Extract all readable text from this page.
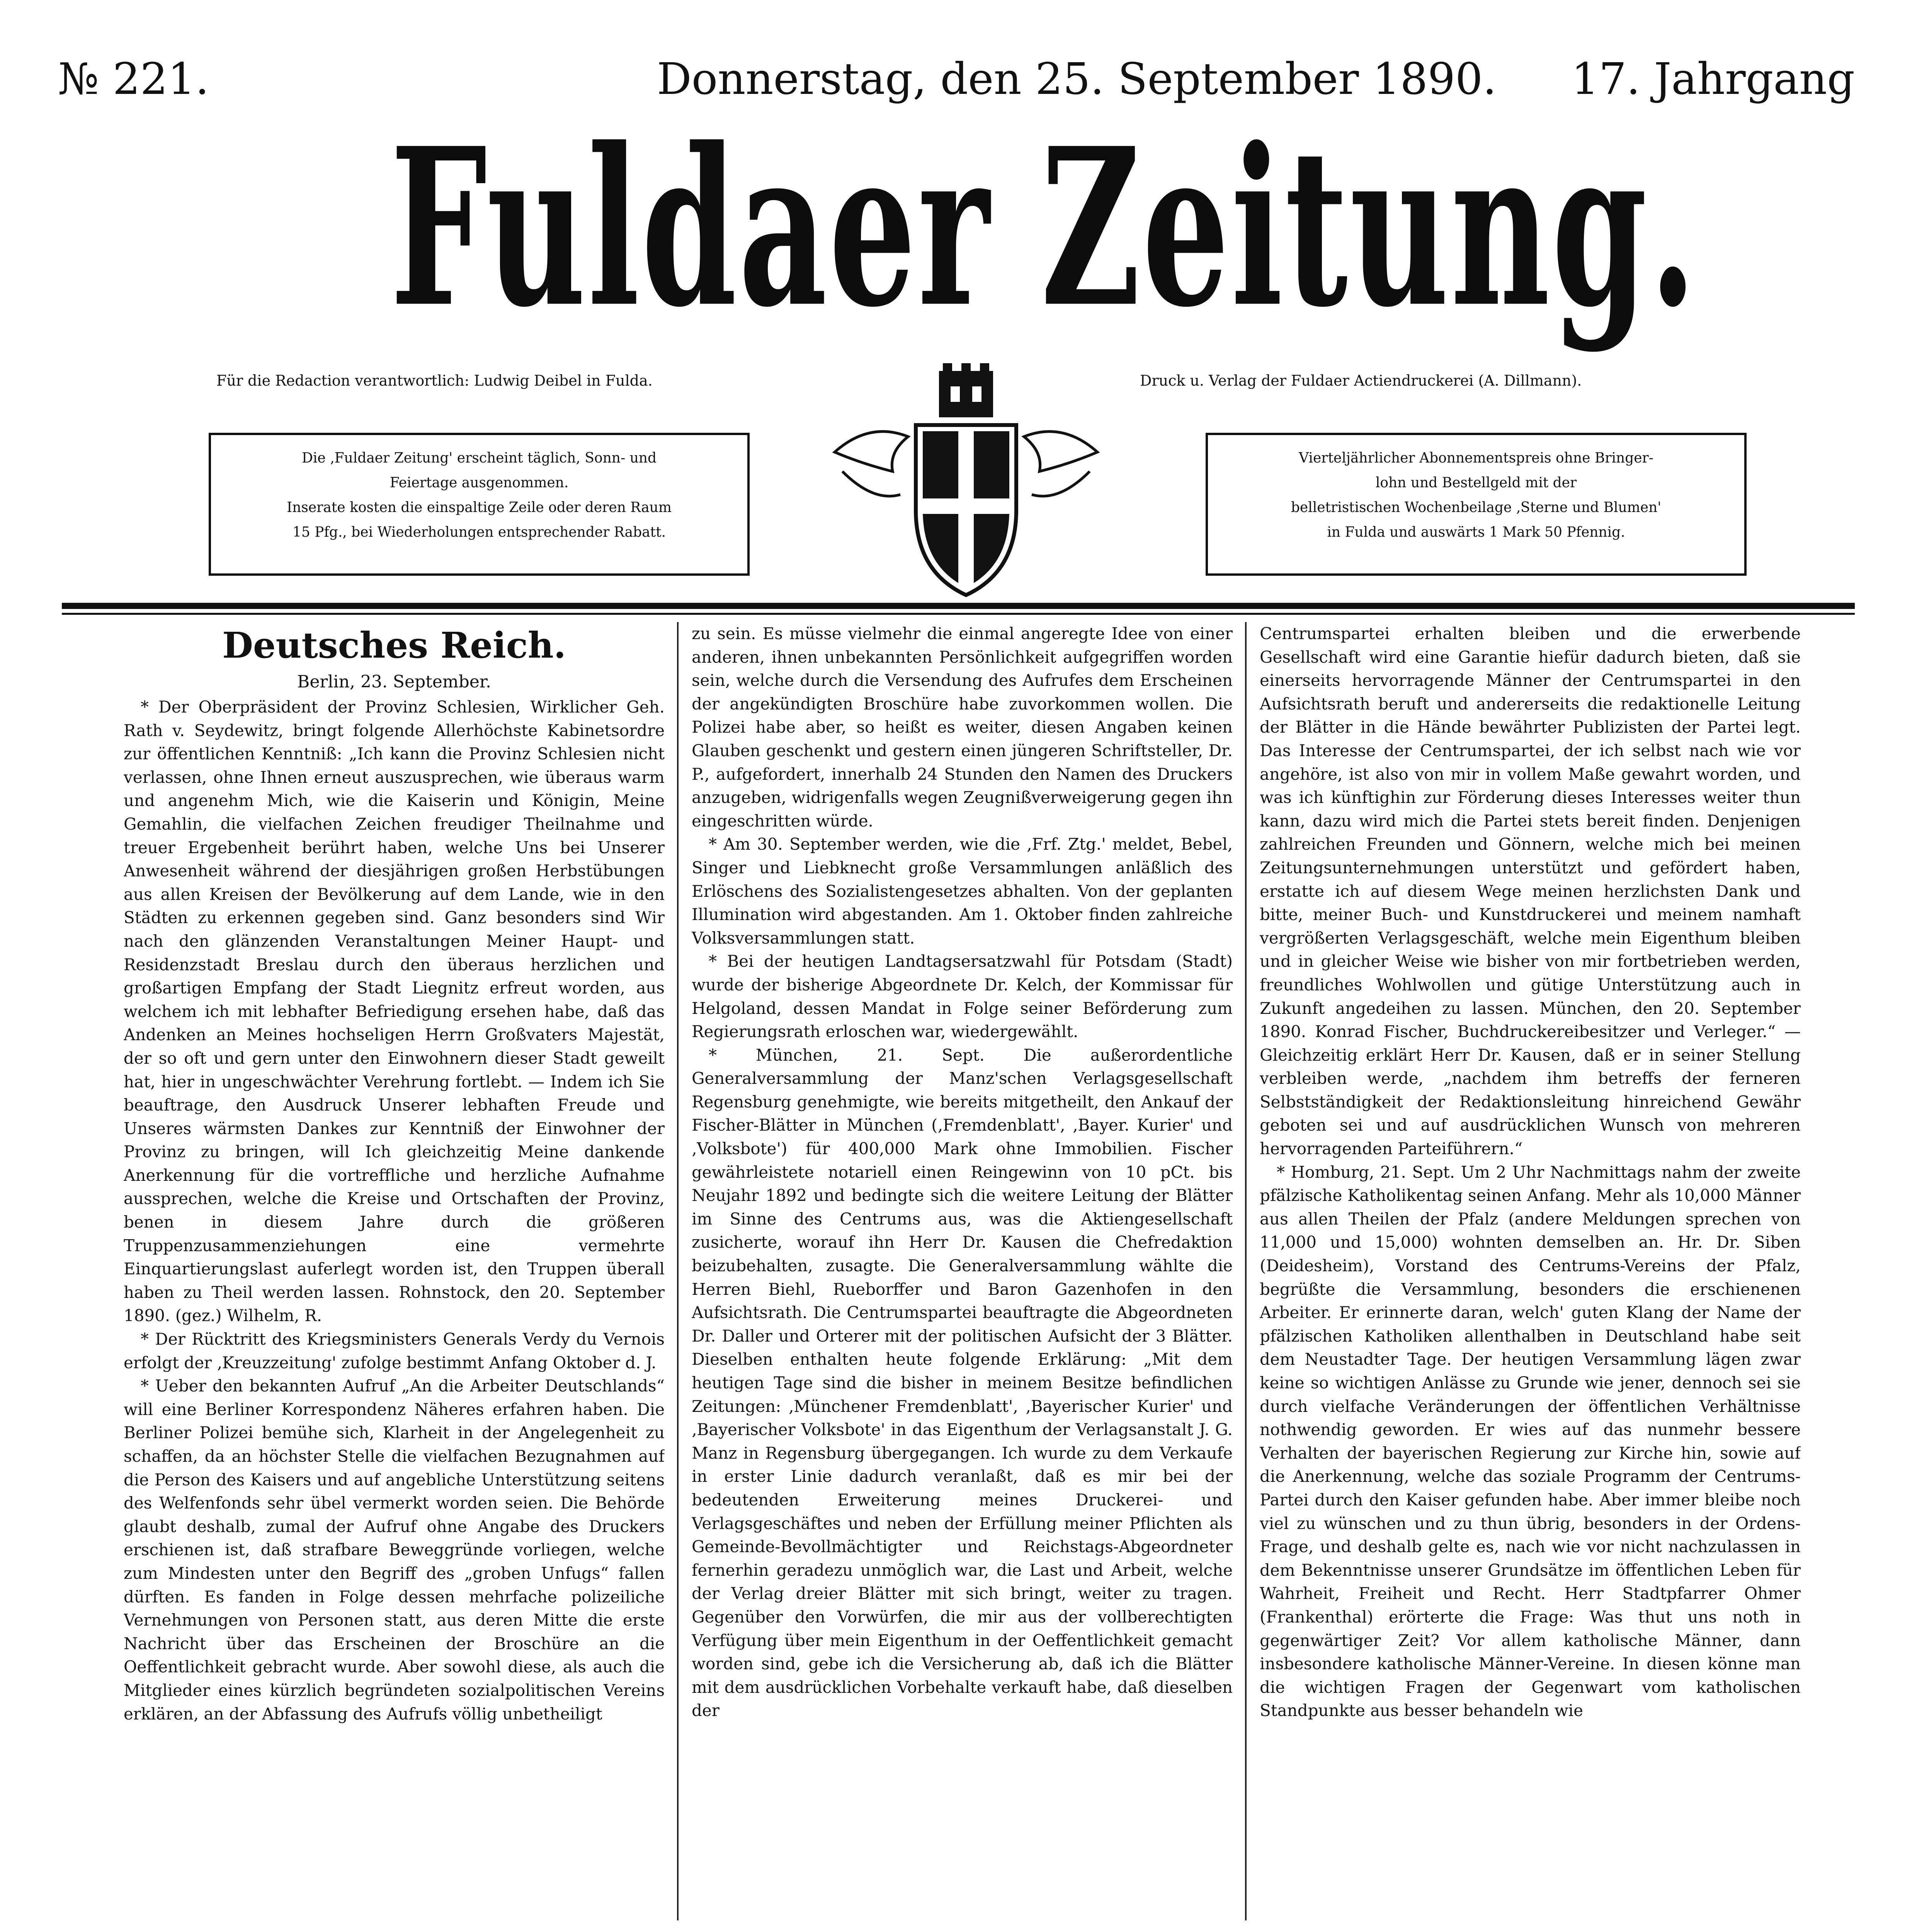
№ 221.	Donnerstag, den 25. September 1890. 17. Jahrgang
Fuldaer Zeitung.
Für die Redaction verantwortlich: Ludwig Deibel in Fulda.	Druck u. Verlag der Fuldaer Actiendruckerei (A. Dillmann).

Die ‚Fuldaer Zeitung' erscheint täglich, Sonn- und

Feiertage ausgenommen.

Inserate kosten die einspaltige Zeile oder deren Raum

15 Pfg., bei Wiederholungen entsprechender Rabatt.

Vierteljährlicher Abonnementspreis ohne Bringer-

lohn und Bestellgeld mit der

belletristischen Wochenbeilage ‚Sterne und Blumen'

in Fulda und auswärts 1 Mark 50 Pfennig.

Deutsches Reich.
Berlin, 23. September.

* Der Oberpräsident der Provinz Schlesien, Wirklicher Geh. Rath v. Seydewitz, bringt folgende Allerhöchste Kabinetsordre zur öffentlichen Kenntniß: „Ich kann die Provinz Schlesien nicht verlassen, ohne Ihnen erneut auszusprechen, wie überaus warm und angenehm Mich, wie die Kaiserin und Königin, Meine Gemahlin, die vielfachen Zeichen freudiger Theilnahme und treuer Ergebenheit berührt haben, welche Uns bei Unserer Anwesenheit während der diesjährigen großen Herbstübungen aus allen Kreisen der Bevölkerung auf dem Lande, wie in den Städten zu erkennen gegeben sind. Ganz besonders sind Wir nach den glänzenden Veranstaltungen Meiner Haupt- und Residenzstadt Breslau durch den überaus herzlichen und großartigen Empfang der Stadt Liegnitz erfreut worden, aus welchem ich mit lebhafter Befriedigung ersehen habe, daß das Andenken an Meines hochseligen Herrn Großvaters Majestät, der so oft und gern unter den Einwohnern dieser Stadt geweilt hat, hier in ungeschwächter Verehrung fortlebt. — Indem ich Sie beauftrage, den Ausdruck Unserer lebhaften Freude und Unseres wärmsten Dankes zur Kenntniß der Einwohner der Provinz zu bringen, will Ich gleichzeitig Meine dankende Anerkennung für die vortreffliche und herzliche Aufnahme aussprechen, welche die Kreise und Ortschaften der Provinz, benen in diesem Jahre durch die größeren Truppenzusammenziehungen eine vermehrte Einquartierungslast auferlegt worden ist, den Truppen überall haben zu Theil werden lassen. Rohnstock, den 20. September 1890. (gez.) Wilhelm, R.

* Der Rücktritt des Kriegsministers Generals Verdy du Vernois erfolgt der ‚Kreuzzeitung' zufolge bestimmt Anfang Oktober d. J.

* Ueber den bekannten Aufruf „An die Arbeiter Deutschlands“ will eine Berliner Korrespondenz Näheres erfahren haben. Die Berliner Polizei bemühe sich, Klarheit in der Angelegenheit zu schaffen, da an höchster Stelle die vielfachen Bezugnahmen auf die Person des Kaisers und auf angebliche Unterstützung seitens des Welfenfonds sehr übel vermerkt worden seien. Die Behörde glaubt deshalb, zumal der Aufruf ohne Angabe des Druckers erschienen ist, daß strafbare Beweggründe vorliegen, welche zum Mindesten unter den Begriff des „groben Unfugs“ fallen dürften. Es fanden in Folge dessen mehrfache polizeiliche Vernehmungen von Personen statt, aus deren Mitte die erste Nachricht über das Erscheinen der Broschüre an die Oeffentlichkeit gebracht wurde. Aber sowohl diese, als auch die Mitglieder eines kürzlich begründeten sozialpolitischen Vereins erklären, an der Abfassung des Aufrufs völlig unbetheiligt

zu sein. Es müsse vielmehr die einmal angeregte Idee von einer anderen, ihnen unbekannten Persönlichkeit aufgegriffen worden sein, welche durch die Versendung des Aufrufes dem Erscheinen der angekündigten Broschüre habe zuvorkommen wollen. Die Polizei habe aber, so heißt es weiter, diesen Angaben keinen Glauben geschenkt und gestern einen jüngeren Schriftsteller, Dr. P., aufgefordert, innerhalb 24 Stunden den Namen des Druckers anzugeben, widrigenfalls wegen Zeugnißverweigerung gegen ihn eingeschritten würde.

* Am 30. September werden, wie die ‚Frf. Ztg.' meldet, Bebel, Singer und Liebknecht große Versammlungen anläßlich des Erlöschens des Sozialistengesetzes abhalten. Von der geplanten Illumination wird abgestanden. Am 1. Oktober finden zahlreiche Volksversammlungen statt.

* Bei der heutigen Landtagsersatzwahl für Potsdam (Stadt) wurde der bisherige Abgeordnete Dr. Kelch, der Kommissar für Helgoland, dessen Mandat in Folge seiner Beförderung zum Regierungsrath erloschen war, wiedergewählt.

* München, 21. Sept. Die außerordentliche Generalversammlung der Manz'schen Verlagsgesellschaft Regensburg genehmigte, wie bereits mitgetheilt, den Ankauf der Fischer-Blätter in München (‚Fremdenblatt', ‚Bayer. Kurier' und ‚Volksbote') für 400,000 Mark ohne Immobilien. Fischer gewährleistete notariell einen Reingewinn von 10 pCt. bis Neujahr 1892 und bedingte sich die weitere Leitung der Blätter im Sinne des Centrums aus, was die Aktiengesellschaft zusicherte, worauf ihn Herr Dr. Kausen die Chefredaktion beizubehalten, zusagte. Die Generalversammlung wählte die Herren Biehl, Rueborffer und Baron Gazenhofen in den Aufsichtsrath. Die Centrumspartei beauftragte die Abgeordneten Dr. Daller und Orterer mit der politischen Aufsicht der 3 Blätter. Dieselben enthalten heute folgende Erklärung: „Mit dem heutigen Tage sind die bisher in meinem Besitze befindlichen Zeitungen: ‚Münchener Fremdenblatt', ‚Bayerischer Kurier' und ‚Bayerischer Volksbote' in das Eigenthum der Verlagsanstalt J. G. Manz in Regensburg übergegangen. Ich wurde zu dem Verkaufe in erster Linie dadurch veranlaßt, daß es mir bei der bedeutenden Erweiterung meines Druckerei- und Verlagsgeschäftes und neben der Erfüllung meiner Pflichten als Gemeinde-Bevollmächtigter und Reichstags-Abgeordneter fernerhin geradezu unmöglich war, die Last und Arbeit, welche der Verlag dreier Blätter mit sich bringt, weiter zu tragen. Gegenüber den Vorwürfen, die mir aus der vollberechtigten Verfügung über mein Eigenthum in der Oeffentlichkeit gemacht worden sind, gebe ich die Versicherung ab, daß ich die Blätter mit dem ausdrücklichen Vorbehalte verkauft habe, daß dieselben der

Centrumspartei erhalten bleiben und die erwerbende Gesellschaft wird eine Garantie hiefür dadurch bieten, daß sie einerseits hervorragende Männer der Centrumspartei in den Aufsichtsrath beruft und andererseits die redaktionelle Leitung der Blätter in die Hände bewährter Publizisten der Partei legt. Das Interesse der Centrumspartei, der ich selbst nach wie vor angehöre, ist also von mir in vollem Maße gewahrt worden, und was ich künftighin zur Förderung dieses Interesses weiter thun kann, dazu wird mich die Partei stets bereit finden. Denjenigen zahlreichen Freunden und Gönnern, welche mich bei meinen Zeitungsunternehmungen unterstützt und gefördert haben, erstatte ich auf diesem Wege meinen herzlichsten Dank und bitte, meiner Buch- und Kunstdruckerei und meinem namhaft vergrößerten Verlagsgeschäft, welche mein Eigenthum bleiben und in gleicher Weise wie bisher von mir fortbetrieben werden, freundliches Wohlwollen und gütige Unterstützung auch in Zukunft angedeihen zu lassen. München, den 20. September 1890. Konrad Fischer, Buchdruckereibesitzer und Verleger.“ — Gleichzeitig erklärt Herr Dr. Kausen, daß er in seiner Stellung verbleiben werde, „nachdem ihm betreffs der ferneren Selbstständigkeit der Redaktionsleitung hinreichend Gewähr geboten sei und auf ausdrücklichen Wunsch von mehreren hervorragenden Parteiführern.“

* Homburg, 21. Sept. Um 2 Uhr Nachmittags nahm der zweite pfälzische Katholikentag seinen Anfang. Mehr als 10,000 Männer aus allen Theilen der Pfalz (andere Meldungen sprechen von 11,000 und 15,000) wohnten demselben an. Hr. Dr. Siben (Deidesheim), Vorstand des Centrums-Vereins der Pfalz, begrüßte die Versammlung, besonders die erschienenen Arbeiter. Er erinnerte daran, welch' guten Klang der Name der pfälzischen Katholiken allenthalben in Deutschland habe seit dem Neustadter Tage. Der heutigen Versammlung lägen zwar keine so wichtigen Anlässe zu Grunde wie jener, dennoch sei sie durch vielfache Veränderungen der öffentlichen Verhältnisse nothwendig geworden. Er wies auf das nunmehr bessere Verhalten der bayerischen Regierung zur Kirche hin, sowie auf die Anerkennung, welche das soziale Programm der Centrums-Partei durch den Kaiser gefunden habe. Aber immer bleibe noch viel zu wünschen und zu thun übrig, besonders in der Ordens-Frage, und deshalb gelte es, nach wie vor nicht nachzulassen in dem Bekenntnisse unserer Grundsätze im öffentlichen Leben für Wahrheit, Freiheit und Recht. Herr Stadtpfarrer Ohmer (Frankenthal) erörterte die Frage: Was thut uns noth in gegenwärtiger Zeit? Vor allem katholische Männer, dann insbesondere katholische Männer-Vereine. In diesen könne man die wichtigen Fragen der Gegenwart vom katholischen Standpunkte aus besser behandeln wie
